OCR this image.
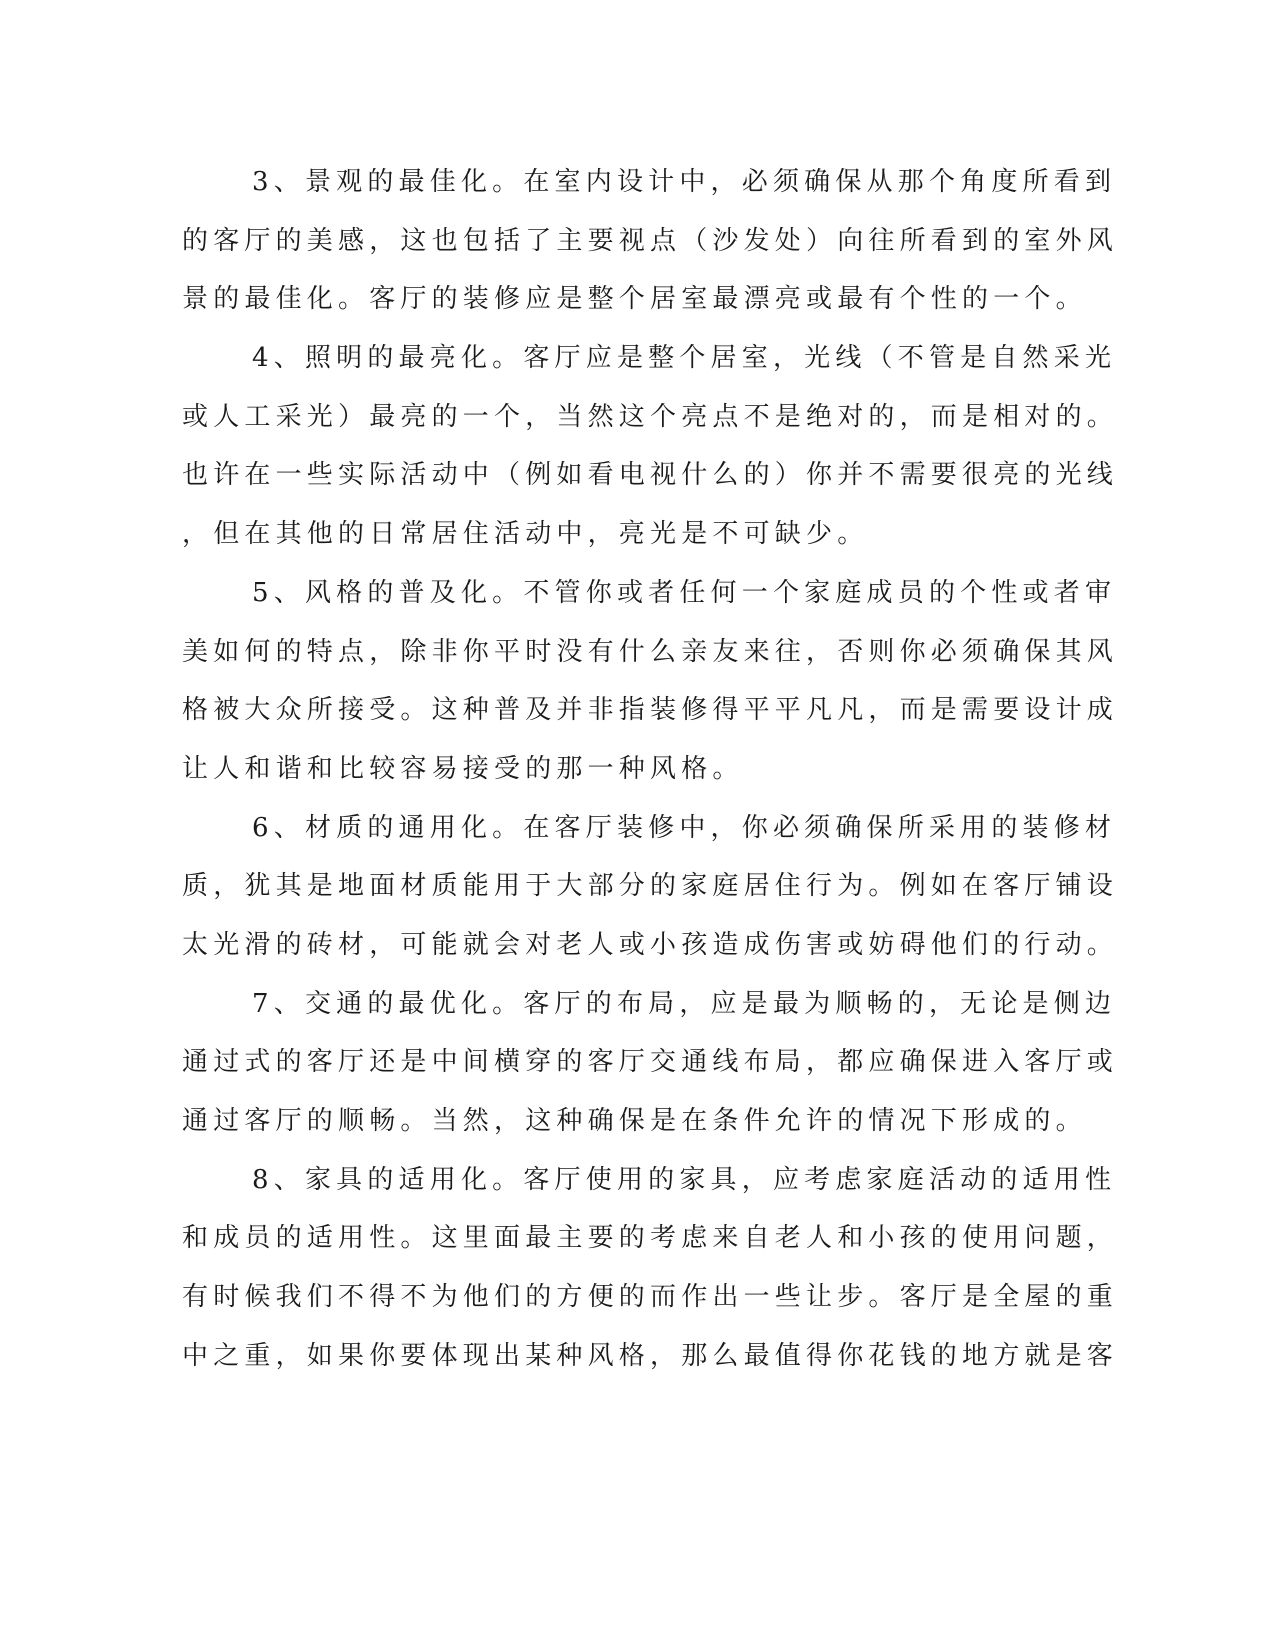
3、景观的最佳化。在室内设计中，必须确保从那个角度所看到
的客厅的美感，这也包括了主要视点（沙发处）向往所看到的室外风
景的最佳化。客厅的装修应是整个居室最漂亮或最有个性的一个。
4、照明的最亮化。客厅应是整个居室，光线（不管是自然采光
或人工采光）最亮的一个，当然这个亮点不是绝对的，而是相对的。
也许在一些实际活动中（例如看电视什么的）你并不需要很亮的光线
，但在其他的日常居住活动中，亮光是不可缺少。
5、风格的普及化。不管你或者任何一个家庭成员的个性或者审
美如何的特点，除非你平时没有什么亲友来往，否则你必须确保其风
格被大众所接受。这种普及并非指装修得平平凡凡，而是需要设计成
让人和谐和比较容易接受的那一种风格。
6、材质的通用化。在客厅装修中，你必须确保所采用的装修材
质，犹其是地面材质能用于大部分的家庭居住行为。例如在客厅铺设
太光滑的砖材，可能就会对老人或小孩造成伤害或妨碍他们的行动。
7、交通的最优化。客厅的布局，应是最为顺畅的，无论是侧边
通过式的客厅还是中间横穿的客厅交通线布局，都应确保进入客厅或
通过客厅的顺畅。当然，这种确保是在条件允许的情况下形成的。
8、家具的适用化。客厅使用的家具，应考虑家庭活动的适用性
和成员的适用性。这里面最主要的考虑来自老人和小孩的使用问题，
有时候我们不得不为他们的方便的而作出一些让步。客厅是全屋的重
中之重，如果你要体现出某种风格，那么最值得你花钱的地方就是客
